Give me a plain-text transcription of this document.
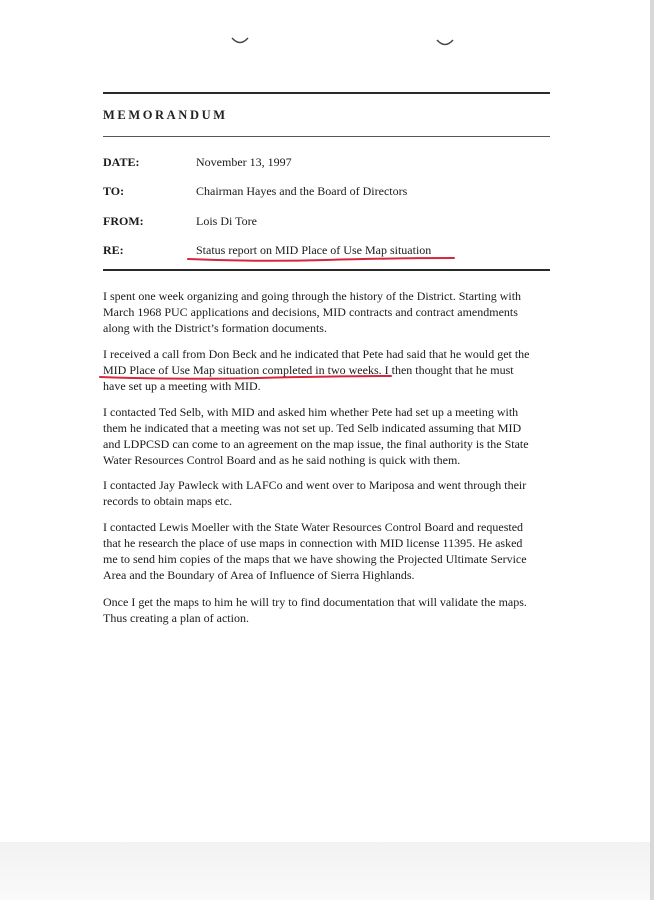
MEMORANDUM
DATE:	November 13, 1997
TO:	Chairman Hayes and the Board of Directors
FROM:	Lois Di Tore
RE:	Status report on MID Place of Use Map situation
I spent one week organizing and going through the history of the District. Starting with
March 1968 PUC applications and decisions, MID contracts and contract amendments
along with the District’s formation documents.
I received a call from Don Beck and he indicated that Pete had said that he would get the
MID Place of Use Map situation completed in two weeks. I then thought that he must
have set up a meeting with MID.
I contacted Ted Selb, with MID and asked him whether Pete had set up a meeting with
them he indicated that a meeting was not set up. Ted Selb indicated assuming that MID
and LDPCSD can come to an agreement on the map issue, the final authority is the State
Water Resources Control Board and as he said nothing is quick with them.
I contacted Jay Pawleck with LAFCo and went over to Mariposa and went through their
records to obtain maps etc.
I contacted Lewis Moeller with the State Water Resources Control Board and requested
that he research the place of use maps in connection with MID license 11395. He asked
me to send him copies of the maps that we have showing the Projected Ultimate Service
Area and the Boundary of Area of Influence of Sierra Highlands.
Once I get the maps to him he will try to find documentation that will validate the maps.
Thus creating a plan of action.
